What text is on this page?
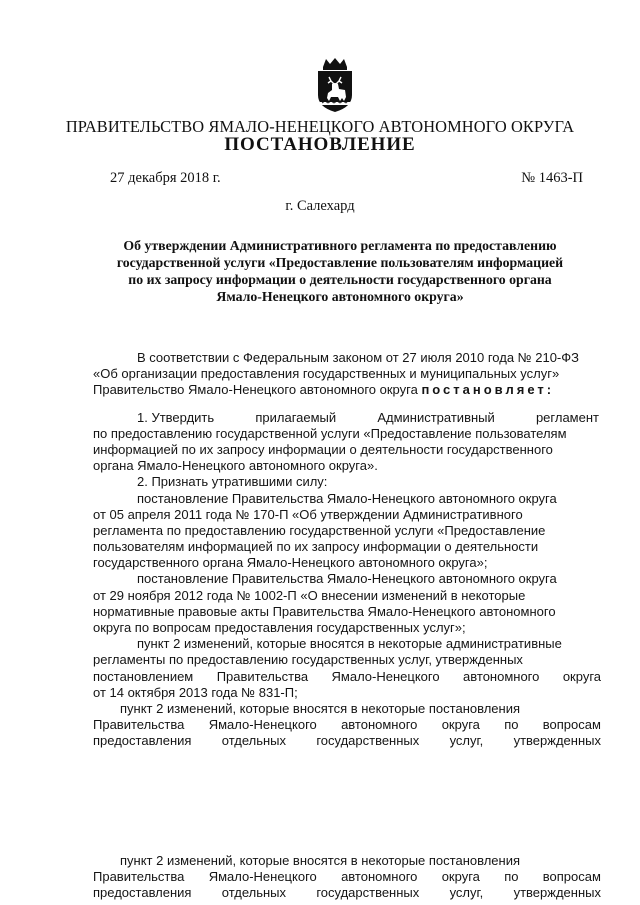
ПРАВИТЕЛЬСТВО ЯМАЛО-НЕНЕЦКОГО АВТОНОМНОГО ОКРУГА
ПОСТАНОВЛЕНИЕ
27 декабря 2018 г.	№ 1463-П
г. Салехард
Об утверждении Административного регламента по предоставлению
государственной услуги «Предоставление пользователям информацией
по их запросу информации о деятельности государственного органа
Ямало-Ненецкого автономного округа»
В соответствии с Федеральным законом от 27 июля 2010 года № 210-ФЗ
«Об организации предоставления государственных и муниципальных услуг»
Правительство Ямало-Ненецкого автономного округа постановляет:
1. Утвердить	прилагаемый	Административный	регламент
по предоставлению государственной услуги «Предоставление пользователям
информацией по их запросу информации о деятельности государственного
органа Ямало-Ненецкого автономного округа».
2. Признать утратившими силу:
постановление Правительства Ямало-Ненецкого автономного округа
от 05 апреля 2011 года № 170-П «Об утверждении Административного
регламента по предоставлению государственной услуги «Предоставление
пользователям информацией по их запросу информации о деятельности
государственного органа Ямало-Ненецкого автономного округа»;
постановление Правительства Ямало-Ненецкого автономного округа
от 29 ноября 2012 года № 1002-П «О внесении изменений в некоторые
нормативные правовые акты Правительства Ямало-Ненецкого автономного
округа по вопросам предоставления государственных услуг»;
пункт 2 изменений, которые вносятся в некоторые административные
регламенты по предоставлению государственных услуг, утвержденных
постановлением Правительства Ямало-Ненецкого автономного округа
от 14 октября 2013 года № 831-П;
пункт 2 изменений, которые вносятся в некоторые постановления
Правительства Ямало-Ненецкого автономного округа по вопросам
предоставления отдельных государственных услуг, утвержденных
пункт 2 изменений, которые вносятся в некоторые постановления
Правительства Ямало-Ненецкого автономного округа по вопросам
предоставления отдельных государственных услуг, утвержденных
